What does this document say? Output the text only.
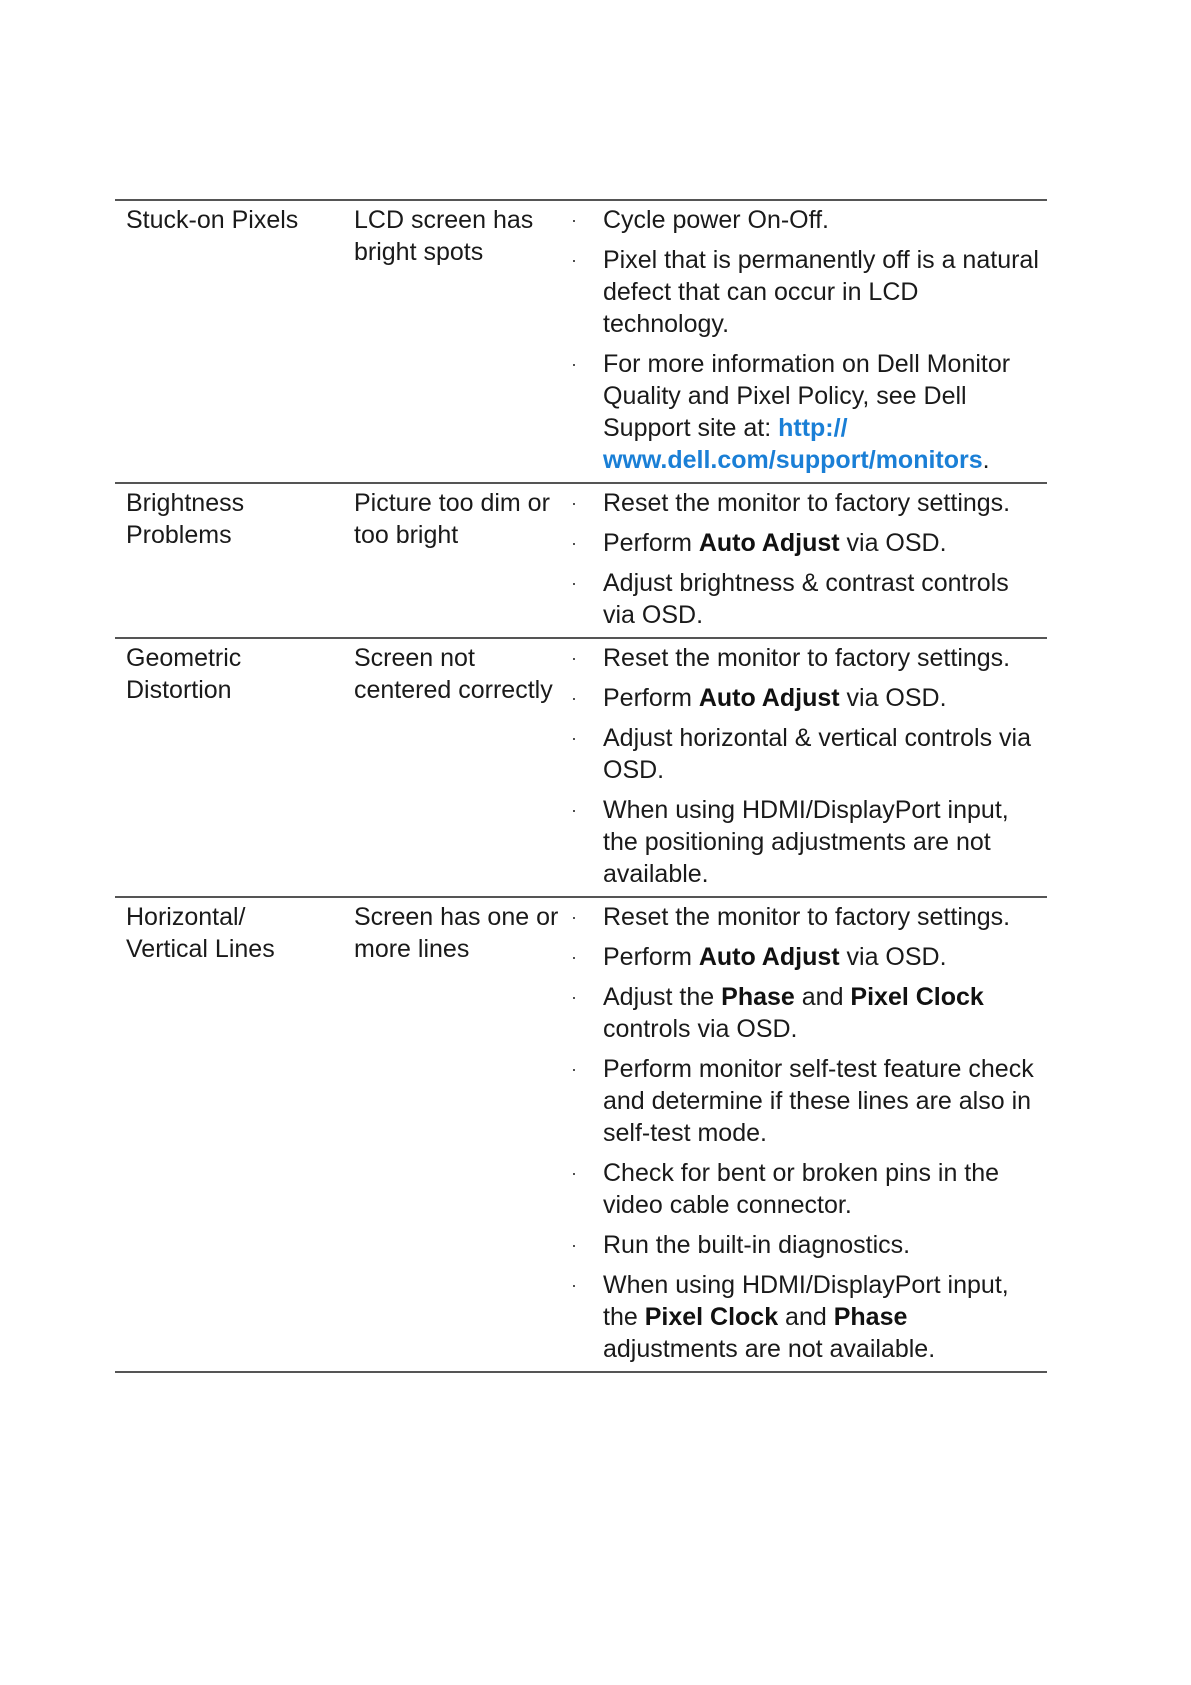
Stuck-on Pixels	LCD screen has bright spots
· Cycle power On-Off.
· Pixel that is permanently off is a natural defect that can occur in LCD technology.
· For more information on Dell Monitor Quality and Pixel Policy, see Dell Support site at: http:// www.dell.com/support/monitors.
Brightness Problems
Picture too dim or too bright
· Reset the monitor to factory settings.
· Perform Auto Adjust via OSD.
· Adjust brightness & contrast controls via OSD.
Geometric Distortion
Screen not centered correctly
· Reset the monitor to factory settings.
· Perform Auto Adjust via OSD.
· Adjust horizontal & vertical controls via OSD.
· When using HDMI/DisplayPort input, the positioning adjustments are not available.
Horizontal/ Vertical Lines
Screen has one or more lines
· Reset the monitor to factory settings.
· Perform Auto Adjust via OSD.
· Adjust the Phase and Pixel Clock controls via OSD.
· Perform monitor self-test feature check and determine if these lines are also in self-test mode.
· Check for bent or broken pins in the video cable connector.
· Run the built-in diagnostics.
· When using HDMI/DisplayPort input, the Pixel Clock and Phase adjustments are not available.
